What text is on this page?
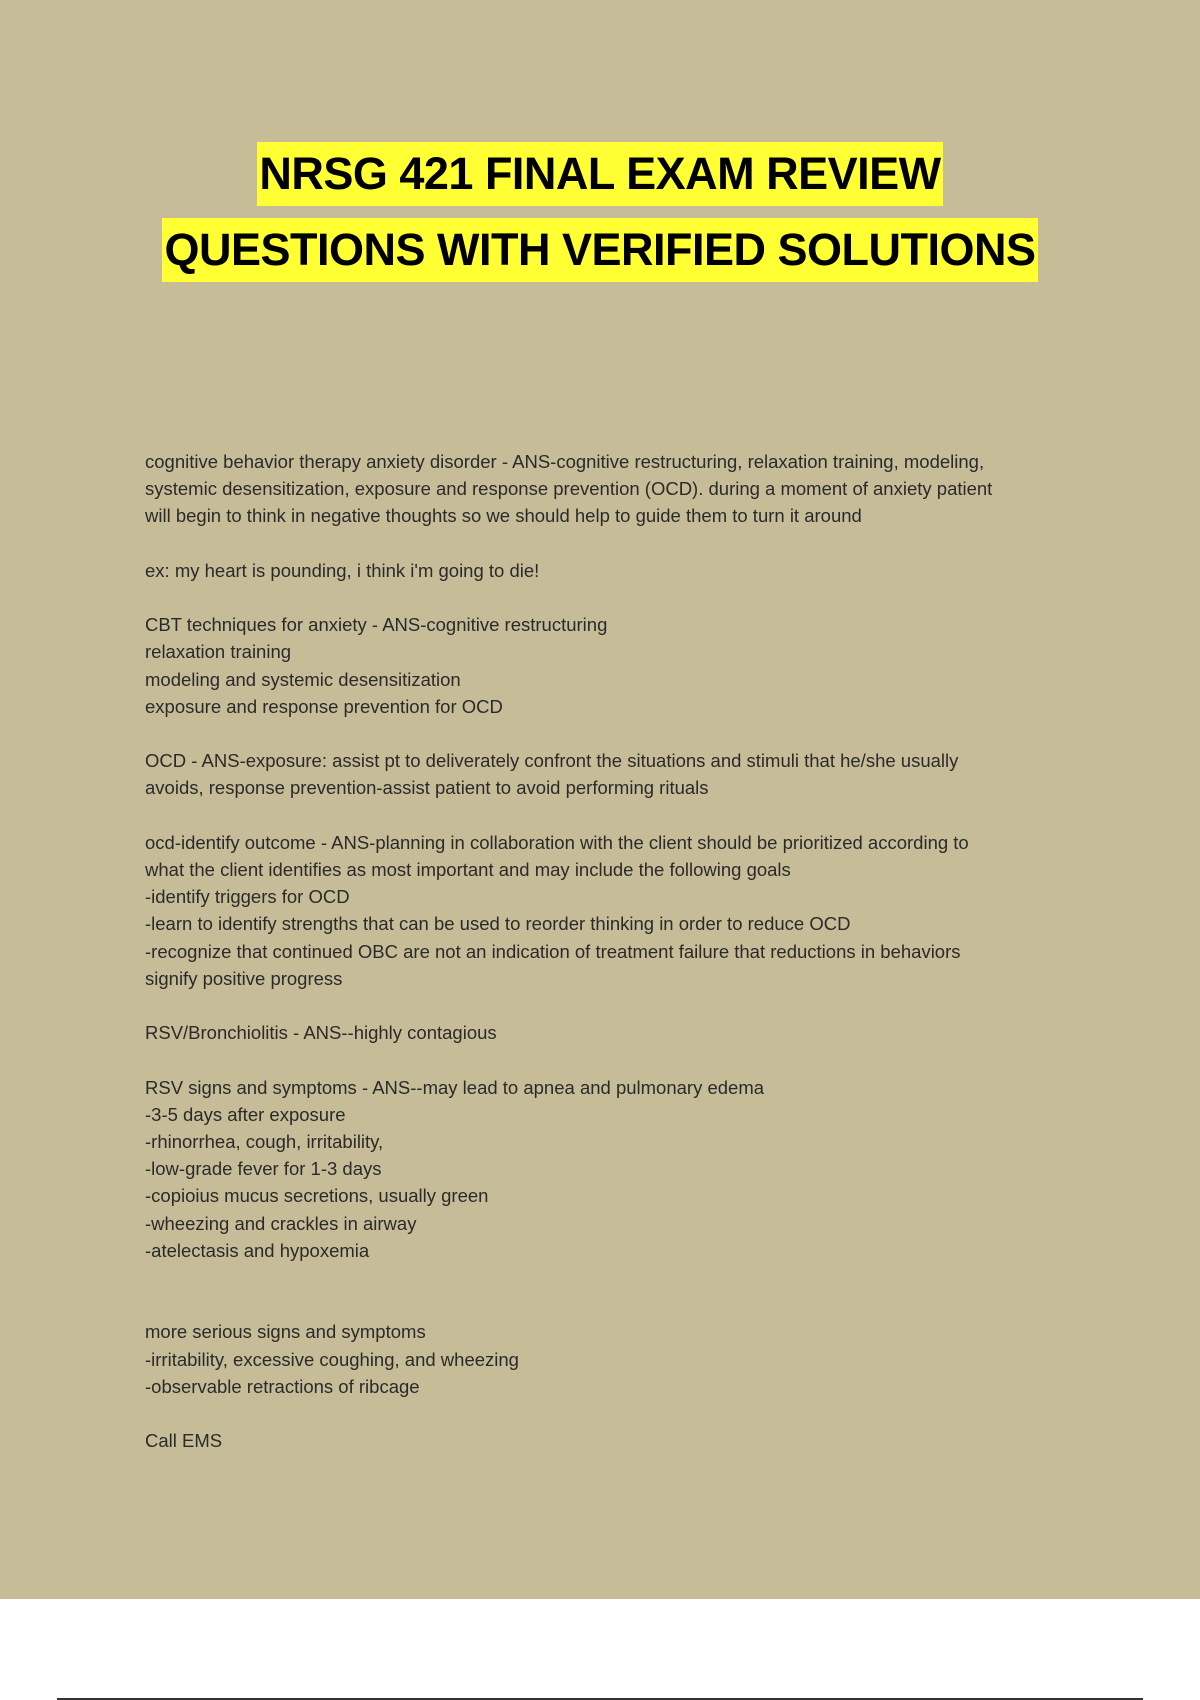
NRSG 421 FINAL EXAM REVIEW
QUESTIONS WITH VERIFIED SOLUTIONS
cognitive behavior therapy anxiety disorder - ANS-cognitive restructuring, relaxation training, modeling,
systemic desensitization, exposure and response prevention (OCD). during a moment of anxiety patient
will begin to think in negative thoughts so we should help to guide them to turn it around
ex: my heart is pounding, i think i'm going to die!
CBT techniques for anxiety - ANS-cognitive restructuring
relaxation training
modeling and systemic desensitization
exposure and response prevention for OCD
OCD - ANS-exposure: assist pt to deliverately confront the situations and stimuli that he/she usually
avoids, response prevention-assist patient to avoid performing rituals
ocd-identify outcome - ANS-planning in collaboration with the client should be prioritized according to
what the client identifies as most important and may include the following goals
-identify triggers for OCD
-learn to identify strengths that can be used to reorder thinking in order to reduce OCD
-recognize that continued OBC are not an indication of treatment failure that reductions in behaviors
signify positive progress
RSV/Bronchiolitis - ANS--highly contagious
RSV signs and symptoms - ANS--may lead to apnea and pulmonary edema
-3-5 days after exposure
-rhinorrhea, cough, irritability,
-low-grade fever for 1-3 days
-copioius mucus secretions, usually green
-wheezing and crackles in airway
-atelectasis and hypoxemia
more serious signs and symptoms
-irritability, excessive coughing, and wheezing
-observable retractions of ribcage
Call EMS
